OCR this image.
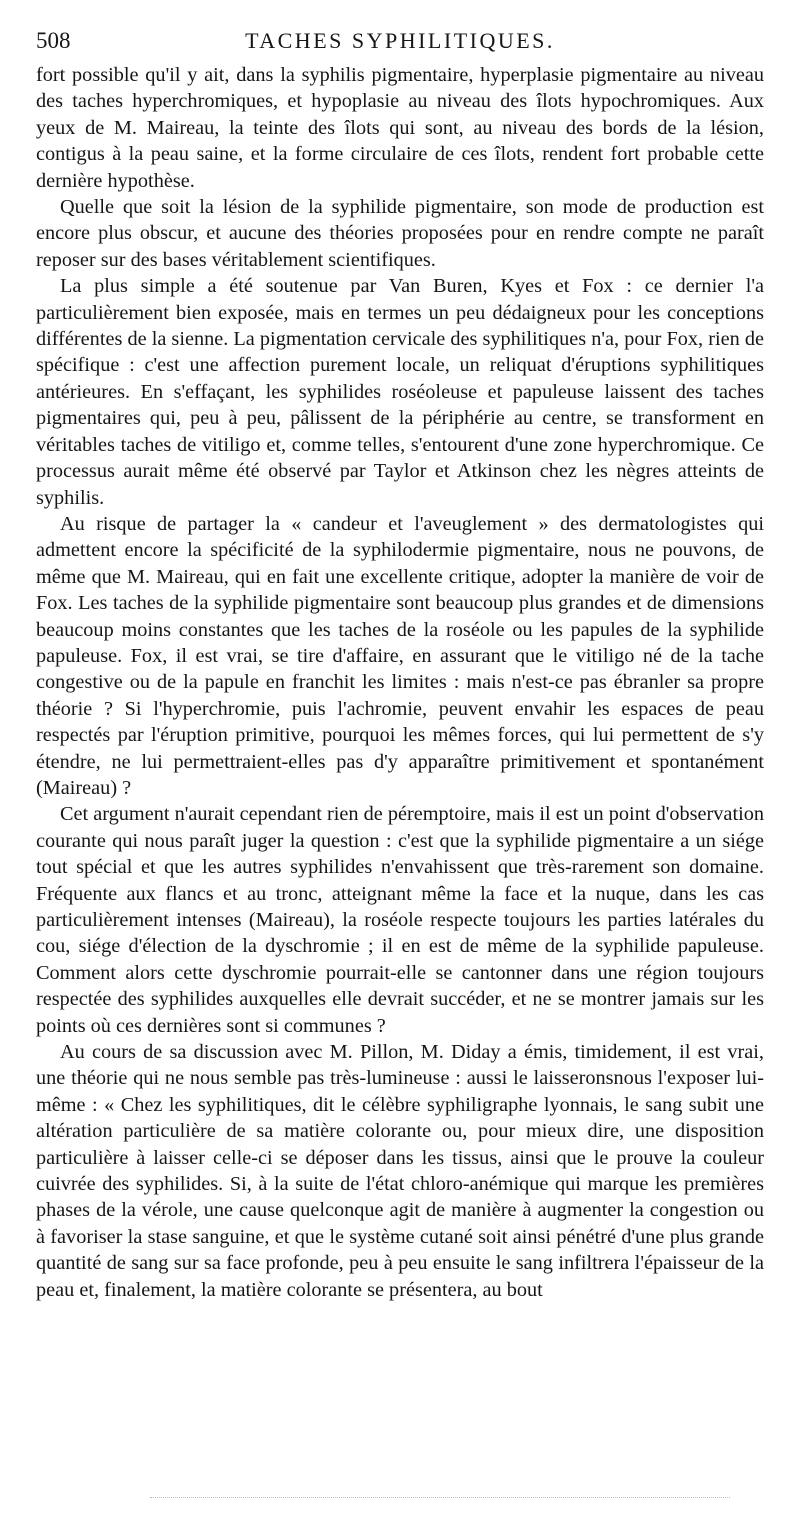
508	TACHES SYPHILITIQUES.

fort possible qu'il y ait, dans la syphilis pigmentaire, hyperplasie pigmentaire au niveau des taches hyperchromiques, et hypoplasie au niveau des îlots hypochromiques. Aux yeux de M. Maireau, la teinte des îlots qui sont, au niveau des bords de la lésion, contigus à la peau saine, et la forme circulaire de ces îlots, rendent fort probable cette dernière hypothèse.

Quelle que soit la lésion de la syphilide pigmentaire, son mode de production est encore plus obscur, et aucune des théories proposées pour en rendre compte ne paraît reposer sur des bases véritablement scientifiques.

La plus simple a été soutenue par Van Buren, Kyes et Fox : ce dernier l'a particulièrement bien exposée, mais en termes un peu dédaigneux pour les conceptions différentes de la sienne. La pigmentation cervicale des syphilitiques n'a, pour Fox, rien de spécifique : c'est une affection purement locale, un reliquat d'éruptions syphilitiques antérieures. En s'effaçant, les syphilides roséoleuse et papuleuse laissent des taches pigmentaires qui, peu à peu, pâlissent de la périphérie au centre, se transforment en véritables taches de vitiligo et, comme telles, s'entourent d'une zone hyperchromique. Ce processus aurait même été observé par Taylor et Atkinson chez les nègres atteints de syphilis.

Au risque de partager la « candeur et l'aveuglement » des dermatologistes qui admettent encore la spécificité de la syphilodermie pigmentaire, nous ne pouvons, de même que M. Maireau, qui en fait une excellente critique, adopter la manière de voir de Fox. Les taches de la syphilide pigmentaire sont beaucoup plus grandes et de dimensions beaucoup moins constantes que les taches de la roséole ou les papules de la syphilide papuleuse. Fox, il est vrai, se tire d'affaire, en assurant que le vitiligo né de la tache congestive ou de la papule en franchit les limites : mais n'est-ce pas ébranler sa propre théorie ? Si l'hyperchromie, puis l'achromie, peuvent envahir les espaces de peau respectés par l'éruption primitive, pourquoi les mêmes forces, qui lui permettent de s'y étendre, ne lui permettraient-elles pas d'y apparaître primitivement et spontanément (Maireau) ?

Cet argument n'aurait cependant rien de péremptoire, mais il est un point d'observation courante qui nous paraît juger la question : c'est que la syphilide pigmentaire a un siége tout spécial et que les autres syphilides n'envahissent que très-rarement son domaine. Fréquente aux flancs et au tronc, atteignant même la face et la nuque, dans les cas particulièrement intenses (Maireau), la roséole respecte toujours les parties latérales du cou, siége d'élection de la dyschromie ; il en est de même de la syphilide papuleuse. Comment alors cette dyschromie pourrait-elle se cantonner dans une région toujours respectée des syphilides auxquelles elle devrait succéder, et ne se montrer jamais sur les points où ces dernières sont si communes ?

Au cours de sa discussion avec M. Pillon, M. Diday a émis, timidement, il est vrai, une théorie qui ne nous semble pas très-lumineuse : aussi le laisseronsnous l'exposer lui-même : « Chez les syphilitiques, dit le célèbre syphiligraphe lyonnais, le sang subit une altération particulière de sa matière colorante ou, pour mieux dire, une disposition particulière à laisser celle-ci se déposer dans les tissus, ainsi que le prouve la couleur cuivrée des syphilides. Si, à la suite de l'état chloro-anémique qui marque les premières phases de la vérole, une cause quelconque agit de manière à augmenter la congestion ou à favoriser la stase sanguine, et que le système cutané soit ainsi pénétré d'une plus grande quantité de sang sur sa face profonde, peu à peu ensuite le sang infiltrera l'épaisseur de la peau et, finalement, la matière colorante se présentera, au bout
